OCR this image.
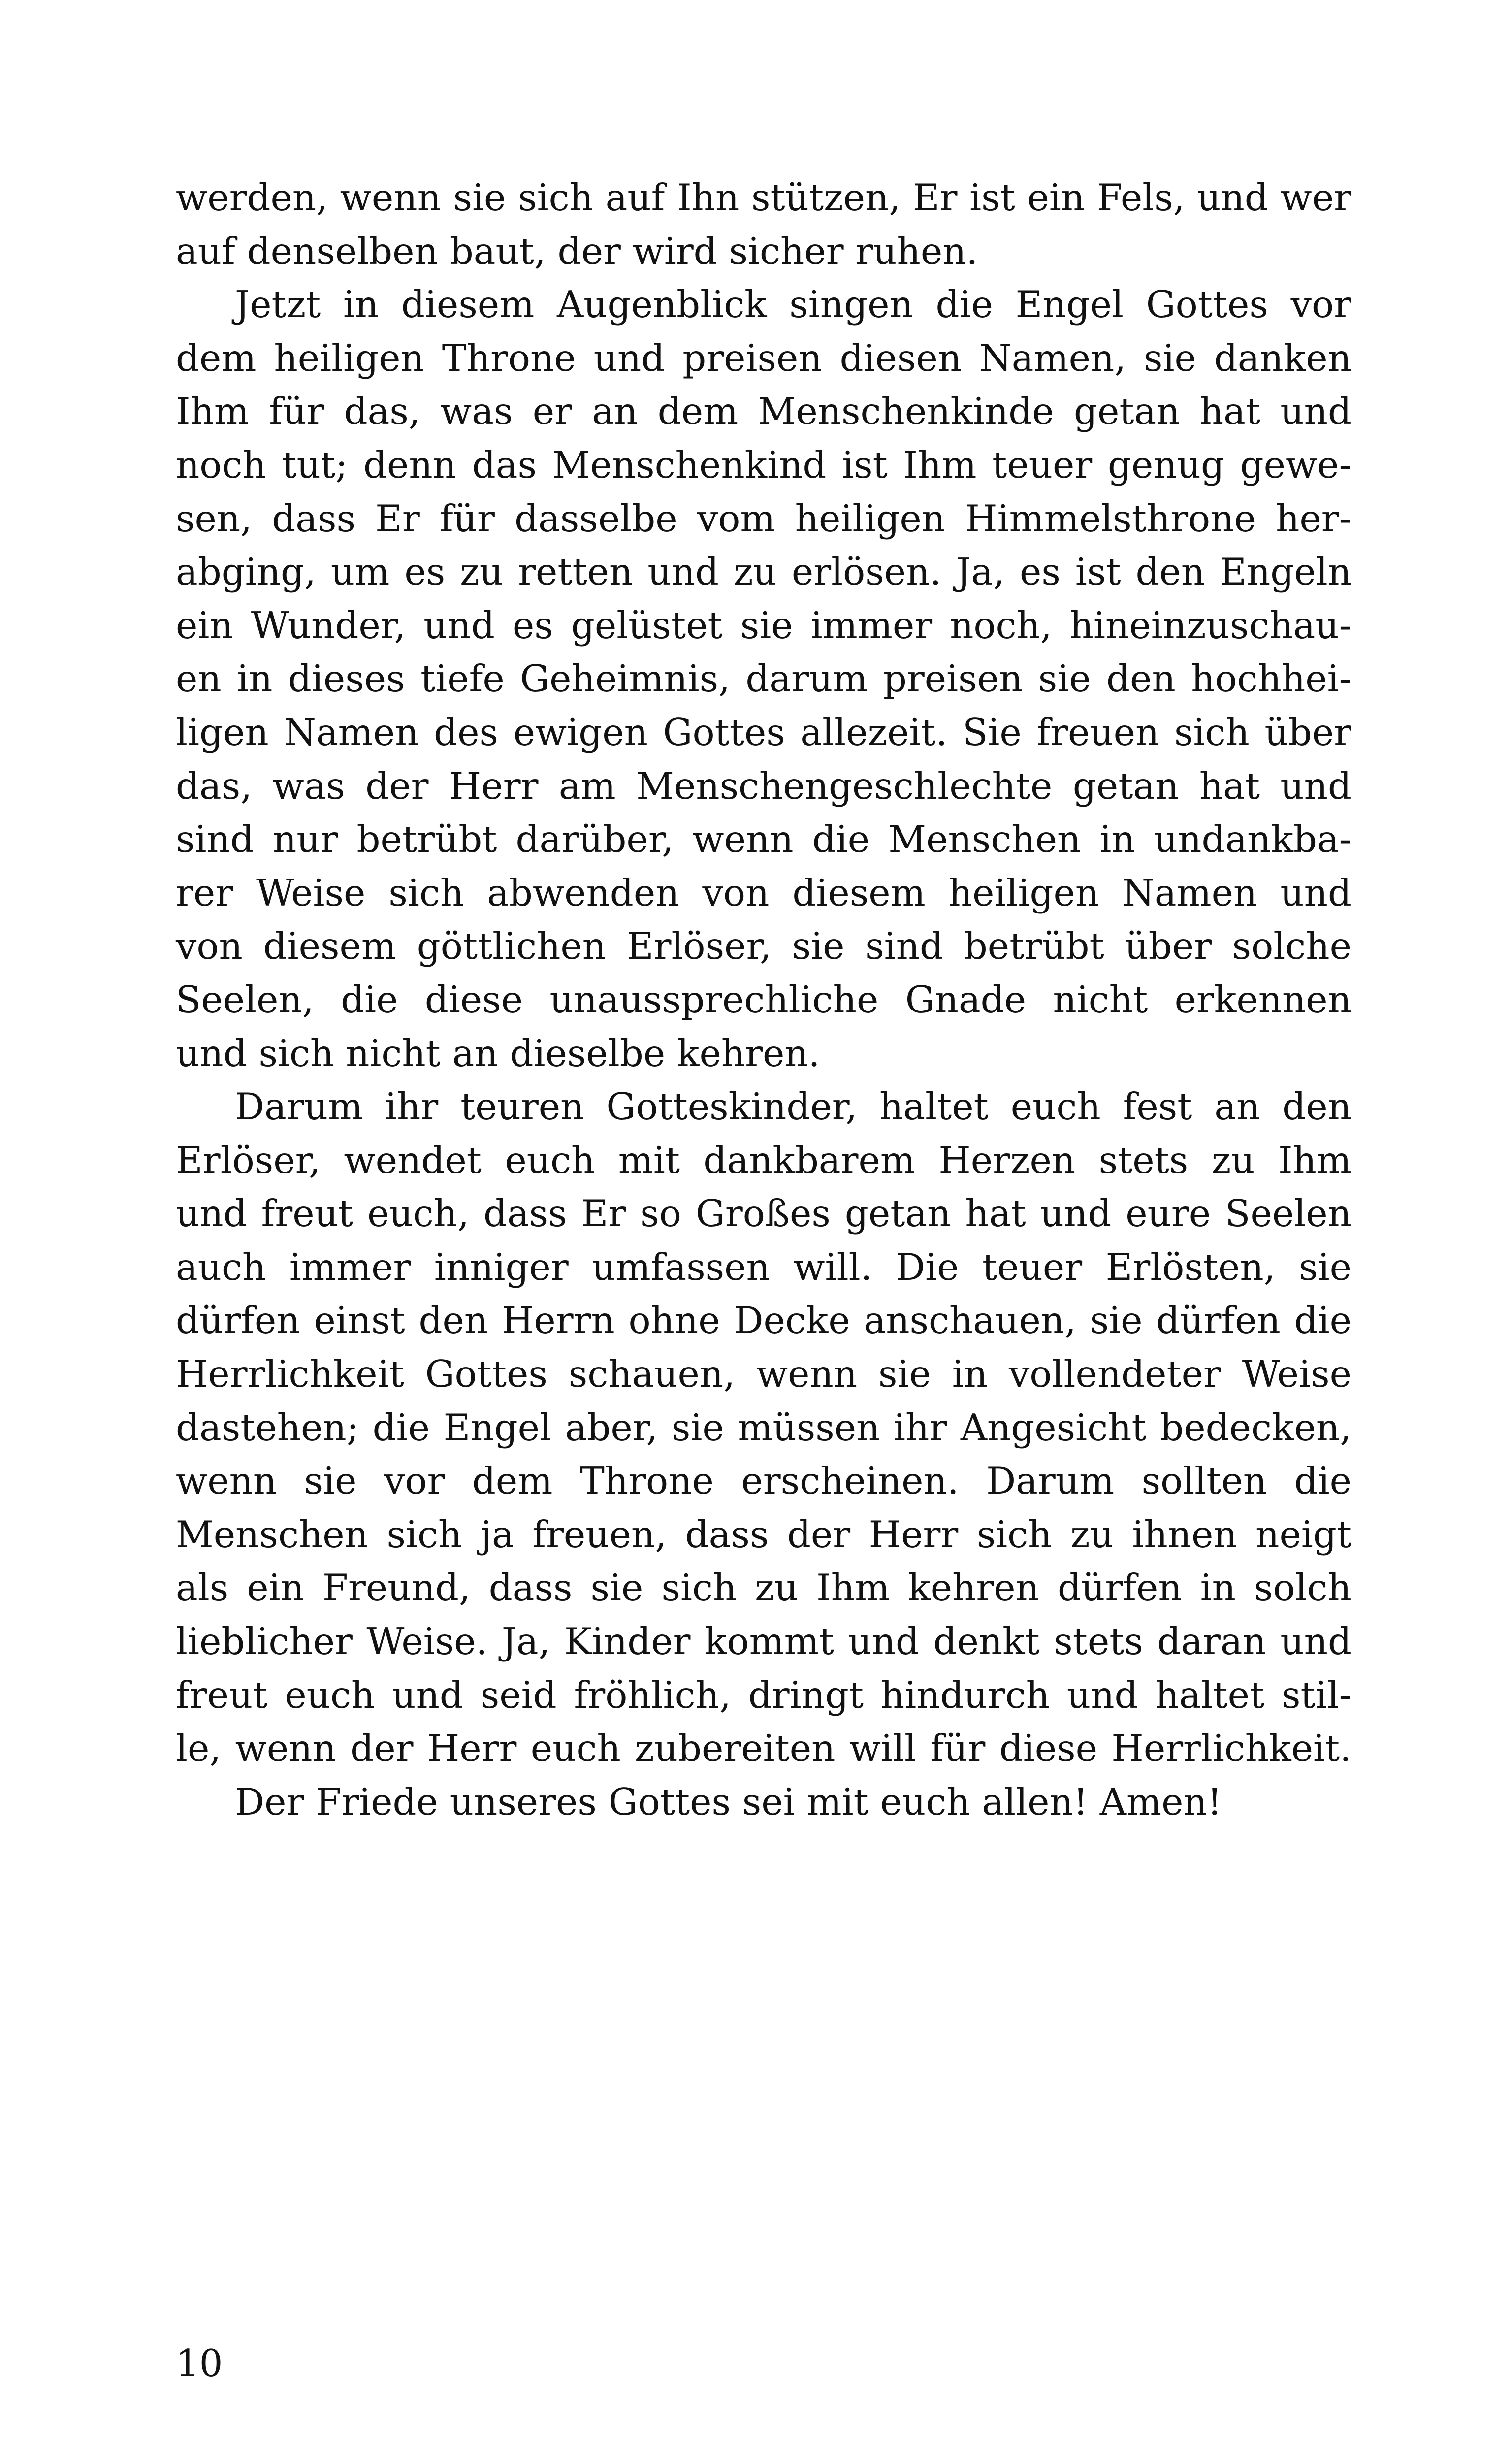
werden, wenn sie sich auf Ihn stützen, Er ist ein Fels, und wer
auf denselben baut, der wird sicher ruhen.
Jetzt in diesem Augenblick singen die Engel Gottes vor
dem heiligen Throne und preisen diesen Namen, sie danken
Ihm für das, was er an dem Menschenkinde getan hat und
noch tut; denn das Menschenkind ist Ihm teuer genug gewe-
sen, dass Er für dasselbe vom heiligen Himmelsthrone her-
abging, um es zu retten und zu erlösen. Ja, es ist den Engeln
ein Wunder, und es gelüstet sie immer noch, hineinzuschau-
en in dieses tiefe Geheimnis, darum preisen sie den hochhei-
ligen Namen des ewigen Gottes allezeit. Sie freuen sich über
das, was der Herr am Menschengeschlechte getan hat und
sind nur betrübt darüber, wenn die Menschen in undankba-
rer Weise sich abwenden von diesem heiligen Namen und
von diesem göttlichen Erlöser, sie sind betrübt über solche
Seelen, die diese unaussprechliche Gnade nicht erkennen
und sich nicht an dieselbe kehren.
Darum ihr teuren Gotteskinder, haltet euch fest an den
Erlöser, wendet euch mit dankbarem Herzen stets zu Ihm
und freut euch, dass Er so Großes getan hat und eure Seelen
auch immer inniger umfassen will. Die teuer Erlösten, sie
dürfen einst den Herrn ohne Decke anschauen, sie dürfen die
Herrlichkeit Gottes schauen, wenn sie in vollendeter Weise
dastehen; die Engel aber, sie müssen ihr Angesicht bedecken,
wenn sie vor dem Throne erscheinen. Darum sollten die
Menschen sich ja freuen, dass der Herr sich zu ihnen neigt
als ein Freund, dass sie sich zu Ihm kehren dürfen in solch
lieblicher Weise. Ja, Kinder kommt und denkt stets daran und
freut euch und seid fröhlich, dringt hindurch und haltet stil-
le, wenn der Herr euch zubereiten will für diese Herrlichkeit.
Der Friede unseres Gottes sei mit euch allen! Amen!
10
